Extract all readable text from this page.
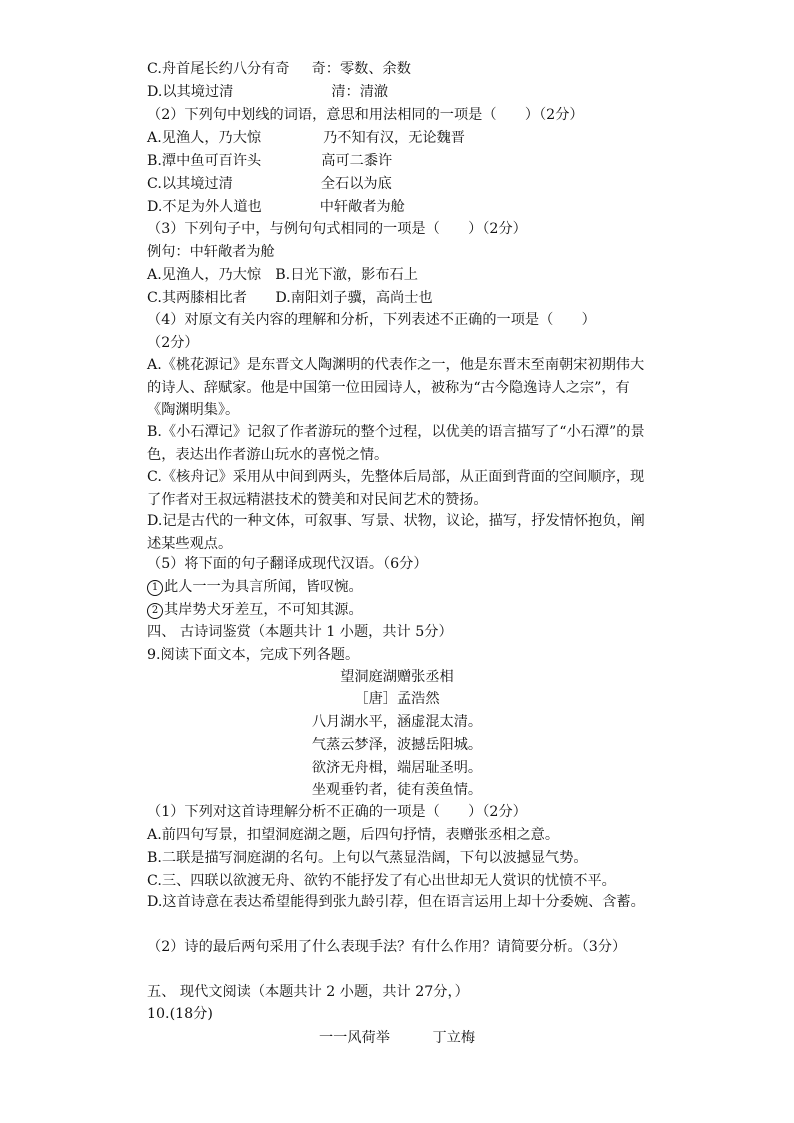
C.舟首尾长约八分有奇 奇：零数、余数
D.以其境过清	清：清澈
（2）下列句中划线的词语，意思和用法相同的一项是（　　）（2分）
A.见渔人，乃大惊	乃不知有汉，无论魏晋
B.潭中鱼可百许头	高可二黍许
C.以其境过清	全石以为底
D.不足为外人道也	中轩敞者为舱
（3）下列句子中，与例句句式相同的一项是（　　）（2分）
例句：中轩敞者为舱
A.见渔人，乃大惊　B.日光下澈，影布石上
C.其两膝相比者　　D.南阳刘子骥，高尚士也
（4）对原文有关内容的理解和分析，下列表述不正确的一项是（　　）
（2分）
A.《桃花源记》是东晋文人陶渊明的代表作之一，他是东晋末至南朝宋初期伟大的诗人、辞赋家。他是中国第一位田园诗人，被称为“古今隐逸诗人之宗”，有《陶渊明集》。
B.《小石潭记》记叙了作者游玩的整个过程，以优美的语言描写了“小石潭”的景色，表达出作者游山玩水的喜悦之情。
C.《核舟记》采用从中间到两头，先整体后局部，从正面到背面的空间顺序，现了作者对王叔远精湛技术的赞美和对民间艺术的赞扬。
D.记是古代的一种文体，可叙事、写景、状物，议论，描写，抒发情怀抱负，阐述某些观点。
（5）将下面的句子翻译成现代汉语。（6分）
1 此人一一为具言所闻，皆叹惋。
2 其岸势犬牙差互，不可知其源。
四、 古诗词鉴赏（本题共计 1 小题，共计 5分）
9.阅读下面文本，完成下列各题。
望洞庭湖赠张丞相
［唐］孟浩然
八月湖水平，涵虚混太清。
气蒸云梦泽，波撼岳阳城。
欲济无舟楫，端居耻圣明。
坐观垂钓者，徒有羡鱼情。
（1）下列对这首诗理解分析不正确的一项是（　　）（2分）
A.前四句写景，扣望洞庭湖之题，后四句抒情，表赠张丞相之意。
B.二联是描写洞庭湖的名句。上句以气蒸显浩阔，下句以波撼显气势。
C.三、四联以欲渡无舟、欲钓不能抒发了有心出世却无人赏识的忧愤不平。
D.这首诗意在表达希望能得到张九龄引荐，但在语言运用上却十分委婉、含蓄。
（2）诗的最后两句采用了什么表现手法？有什么作用？请简要分析。（3分）
五、 现代文阅读（本题共计 2 小题，共计 27分，）
10.(18分)
一一风荷举　　　丁立梅
